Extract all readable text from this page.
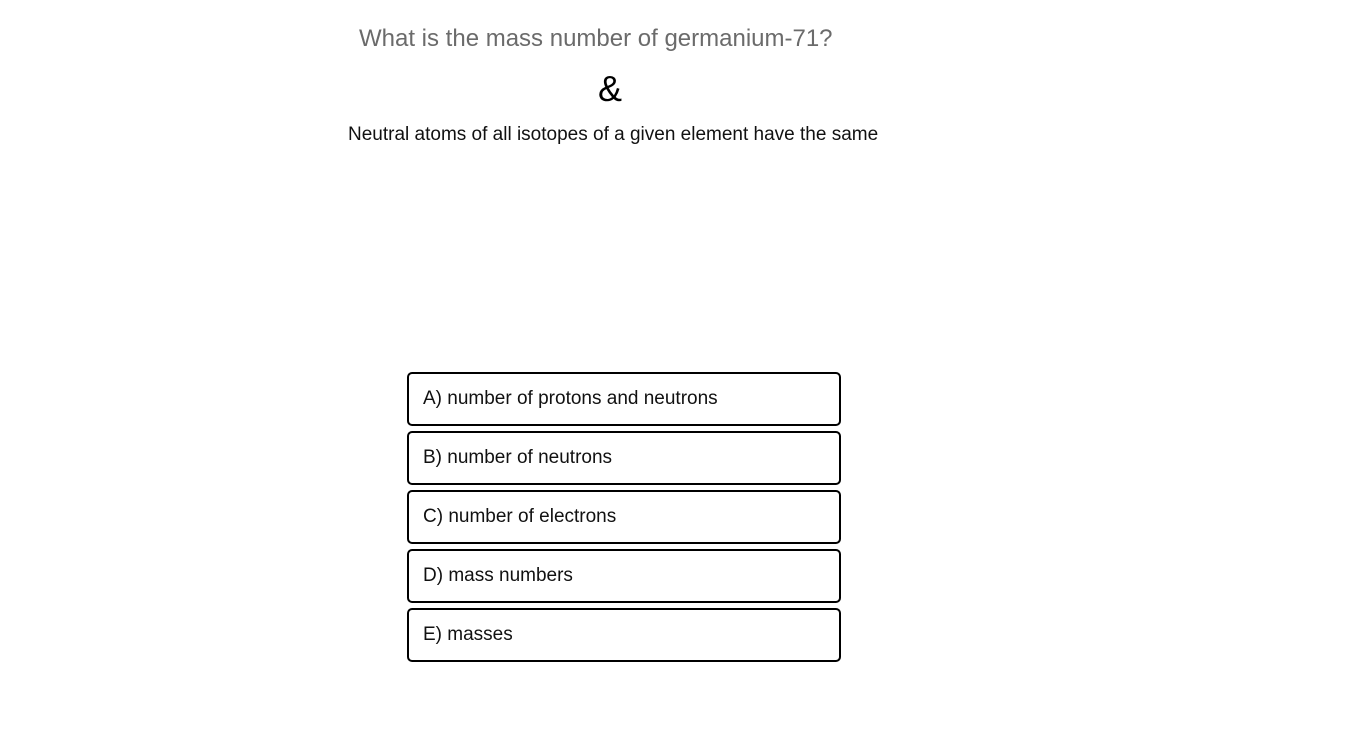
What is the mass number of germanium-71?
&
Neutral atoms of all isotopes of a given element have the same
A) number of protons and neutrons
B) number of neutrons
C) number of electrons
D) mass numbers
E) masses
